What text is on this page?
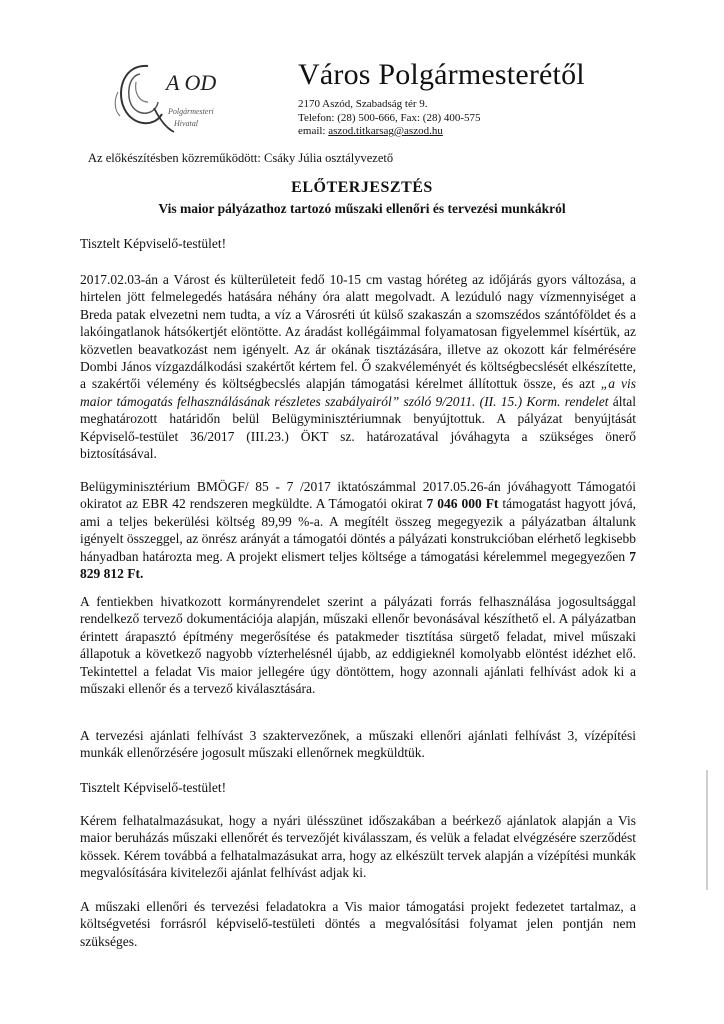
A OD
Polgármesteri
Hivatal
Város Polgármesterétől
2170 Aszód, Szabadság tér 9.
Telefon: (28) 500-666, Fax: (28) 400-575
email: aszod.titkarsag@aszod.hu
Az előkészítésben közreműködött: Csáky Júlia osztályvezető
ELŐTERJESZTÉS
Vis maior pályázathoz tartozó műszaki ellenőri és tervezési munkákról
Tisztelt Képviselő-testület!
2017.02.03-án a Várost és külterületeit fedő 10-15 cm vastag hóréteg az időjárás gyors változása, a hirtelen jött felmelegedés hatására néhány óra alatt megolvadt. A lezúduló nagy vízmennyiséget a Breda patak elvezetni nem tudta, a víz a Városréti út külső szakaszán a szomszédos szántóföldet és a lakóingatlanok hátsókertjét elöntötte. Az áradást kollégáimmal folyamatosan figyelemmel kísértük, az közvetlen beavatkozást nem igényelt. Az ár okának tisztázására, illetve az okozott kár felmérésére Dombi János vízgazdálkodási szakértőt kértem fel. Ő szakvéleményét és költségbecslését elkészítette, a szakértői vélemény és költségbecslés alapján támogatási kérelmet állítottuk össze, és azt „a vis maior támogatás felhasználásának részletes szabályairól” szóló 9/2011. (II. 15.) Korm. rendelet által meghatározott határidőn belül Belügyminisztériumnak benyújtottuk. A pályázat benyújtását Képviselő-testület 36/2017 (III.23.) ÖKT sz. határozatával jóváhagyta a szükséges önerő biztosításával.
Belügyminisztérium BMÖGF/ 85 - 7 /2017 iktatószámmal 2017.05.26-án jóváhagyott Támogatói okiratot az EBR 42 rendszeren megküldte. A Támogatói okirat 7 046 000 Ft támogatást hagyott jóvá, ami a teljes bekerülési költség 89,99 %-a. A megítélt összeg megegyezik a pályázatban általunk igényelt összeggel, az önrész arányát a támogatói döntés a pályázati konstrukcióban elérhető legkisebb hányadban határozta meg. A projekt elismert teljes költsége a támogatási kérelemmel megegyezően 7 829 812 Ft.
A fentiekben hivatkozott kormányrendelet szerint a pályázati forrás felhasználása jogosultsággal rendelkező tervező dokumentációja alapján, műszaki ellenőr bevonásával készíthető el. A pályázatban érintett árapasztó építmény megerősítése és patakmeder tisztítása sürgető feladat, mivel műszaki állapotuk a következő nagyobb vízterhelésnél újabb, az eddigieknél komolyabb elöntést idézhet elő. Tekintettel a feladat Vis maior jellegére úgy döntöttem, hogy azonnali ajánlati felhívást adok ki a műszaki ellenőr és a tervező kiválasztására.
A tervezési ajánlati felhívást 3 szaktervezőnek, a műszaki ellenőri ajánlati felhívást 3, vízépítési munkák ellenőrzésére jogosult műszaki ellenőrnek megküldtük.
Tisztelt Képviselő-testület!
Kérem felhatalmazásukat, hogy a nyári ülésszünet időszakában a beérkező ajánlatok alapján a Vis maior beruházás műszaki ellenőrét és tervezőjét kiválasszam, és velük a feladat elvégzésére szerződést kössek. Kérem továbbá a felhatalmazásukat arra, hogy az elkészült tervek alapján a vízépítési munkák megvalósítására kivitelezői ajánlat felhívást adjak ki.
A műszaki ellenőri és tervezési feladatokra a Vis maior támogatási projekt fedezetet tartalmaz, a költségvetési forrásról képviselő-testületi döntés a megvalósítási folyamat jelen pontján nem szükséges.
